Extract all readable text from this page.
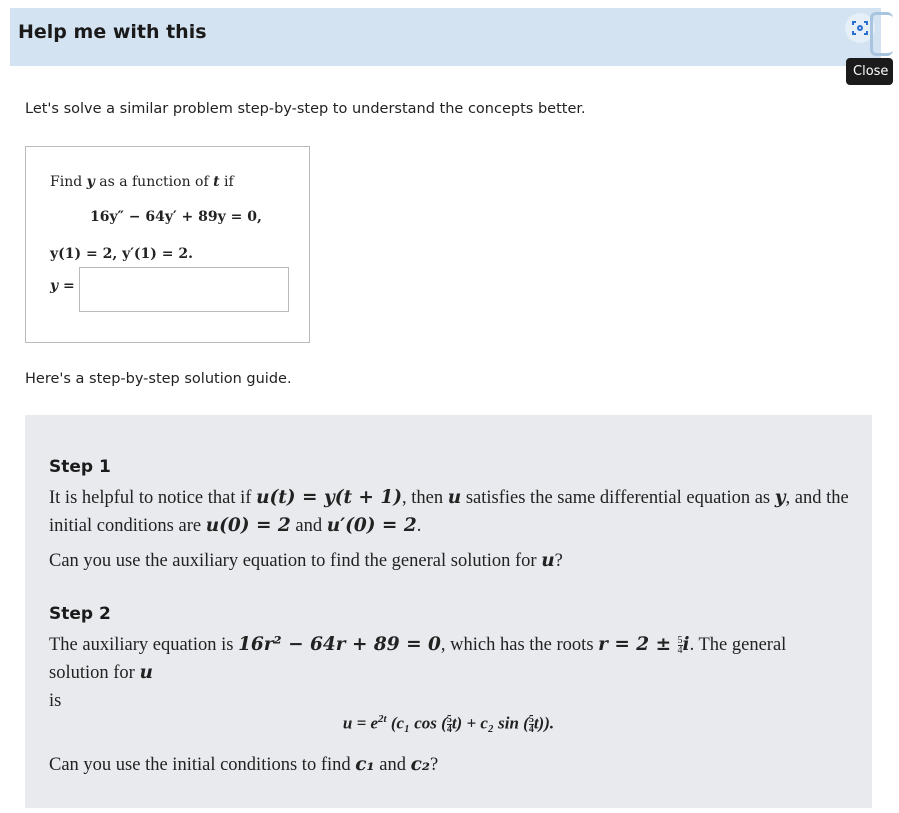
Help me with this
Close
Let's solve a similar problem step-by-step to understand the concepts better.
Find y as a function of t if
16y″ − 64y′ + 89y = 0,
y(1) = 2, y′(1) = 2.
y =
Here's a step-by-step solution guide.
Step 1
It is helpful to notice that if u(t) = y(t + 1), then u satisfies the same differential equation as y, and the initial conditions are u(0) = 2 and u′(0) = 2.
Can you use the auxiliary equation to find the general solution for u?
Step 2
The auxiliary equation is 16r² − 64r + 89 = 0, which has the roots $r = 2 \pm \frac{5}{4} i$. The general solution for u
is
$u = e^{2t}$ (c₁ cos ( $\frac{5}{4} t) + c_2$ sin ( $\frac{5}{4} t$)).
Can you use the initial conditions to find c₁ and c₂?
